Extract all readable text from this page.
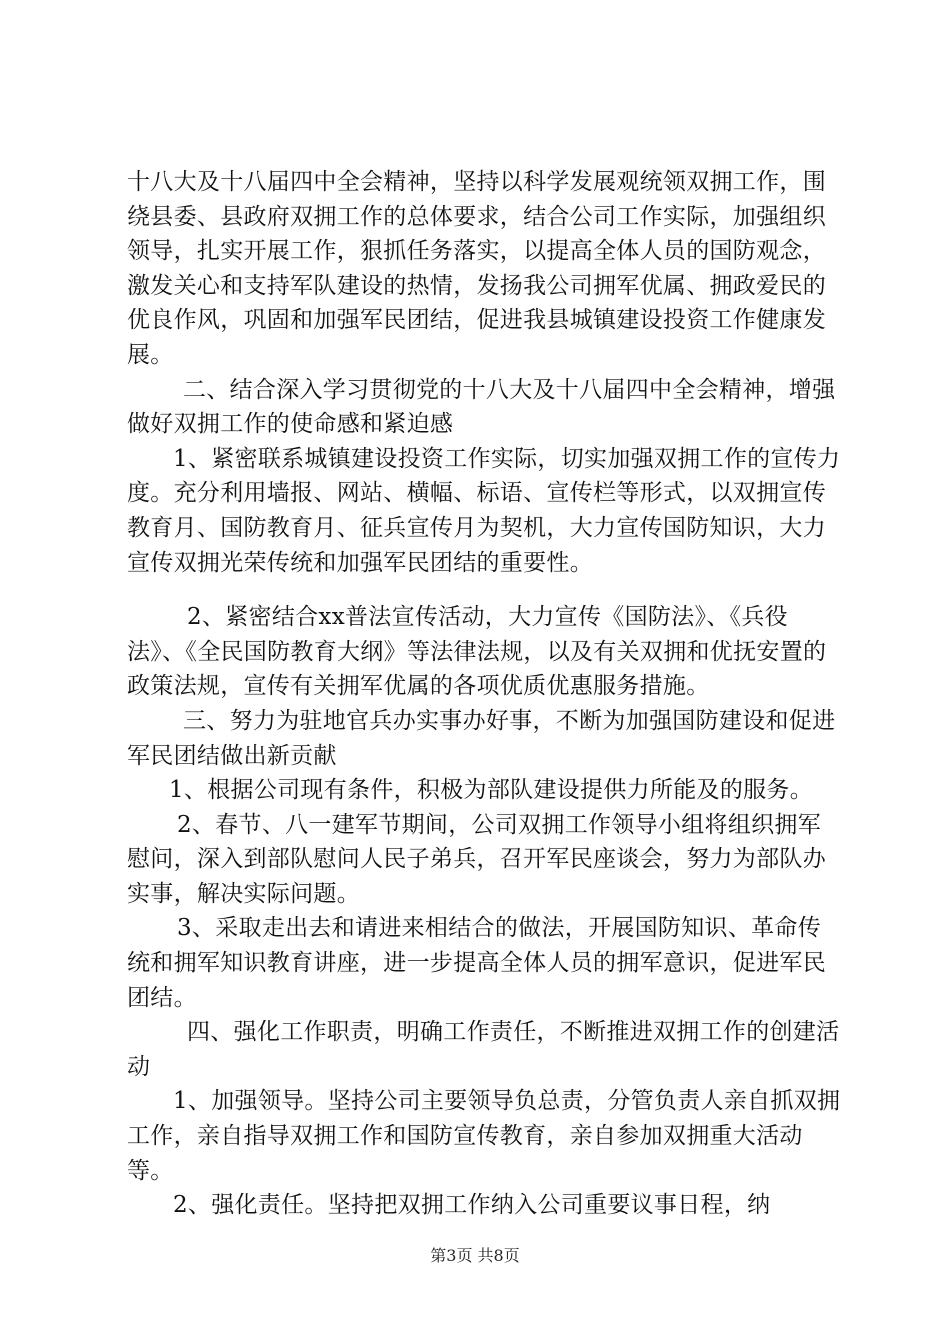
十八大及十八届四中全会精神，坚持以科学发展观统领双拥工作，围绕县委、县政府双拥工作的总体要求，结合公司工作实际，加强组织领导，扎实开展工作，狠抓任务落实，以提高全体人员的国防观念，激发关心和支持军队建设的热情，发扬我公司拥军优属、拥政爱民的优良作风，巩固和加强军民团结，促进我县城镇建设投资工作健康发展。

二、结合深入学习贯彻党的十八大及十八届四中全会精神，增强做好双拥工作的使命感和紧迫感

1、紧密联系城镇建设投资工作实际，切实加强双拥工作的宣传力度。充分利用墙报、网站、横幅、标语、宣传栏等形式，以双拥宣传教育月、国防教育月、征兵宣传月为契机，大力宣传国防知识，大力宣传双拥光荣传统和加强军民团结的重要性。

2、紧密结合xx普法宣传活动，大力宣传《国防法》、《兵役法》、《全民国防教育大纲》等法律法规，以及有关双拥和优抚安置的政策法规，宣传有关拥军优属的各项优质优惠服务措施。

三、努力为驻地官兵办实事办好事，不断为加强国防建设和促进军民团结做出新贡献

1、根据公司现有条件，积极为部队建设提供力所能及的服务。

2、春节、八一建军节期间，公司双拥工作领导小组将组织拥军慰问，深入到部队慰问人民子弟兵，召开军民座谈会，努力为部队办实事，解决实际问题。

3、采取走出去和请进来相结合的做法，开展国防知识、革命传统和拥军知识教育讲座，进一步提高全体人员的拥军意识，促进军民团结。

四、强化工作职责，明确工作责任，不断推进双拥工作的创建活动

1、加强领导。坚持公司主要领导负总责，分管负责人亲自抓双拥工作，亲自指导双拥工作和国防宣传教育，亲自参加双拥重大活动等。

2、强化责任。坚持把双拥工作纳入公司重要议事日程，纳

第3页 共8页
